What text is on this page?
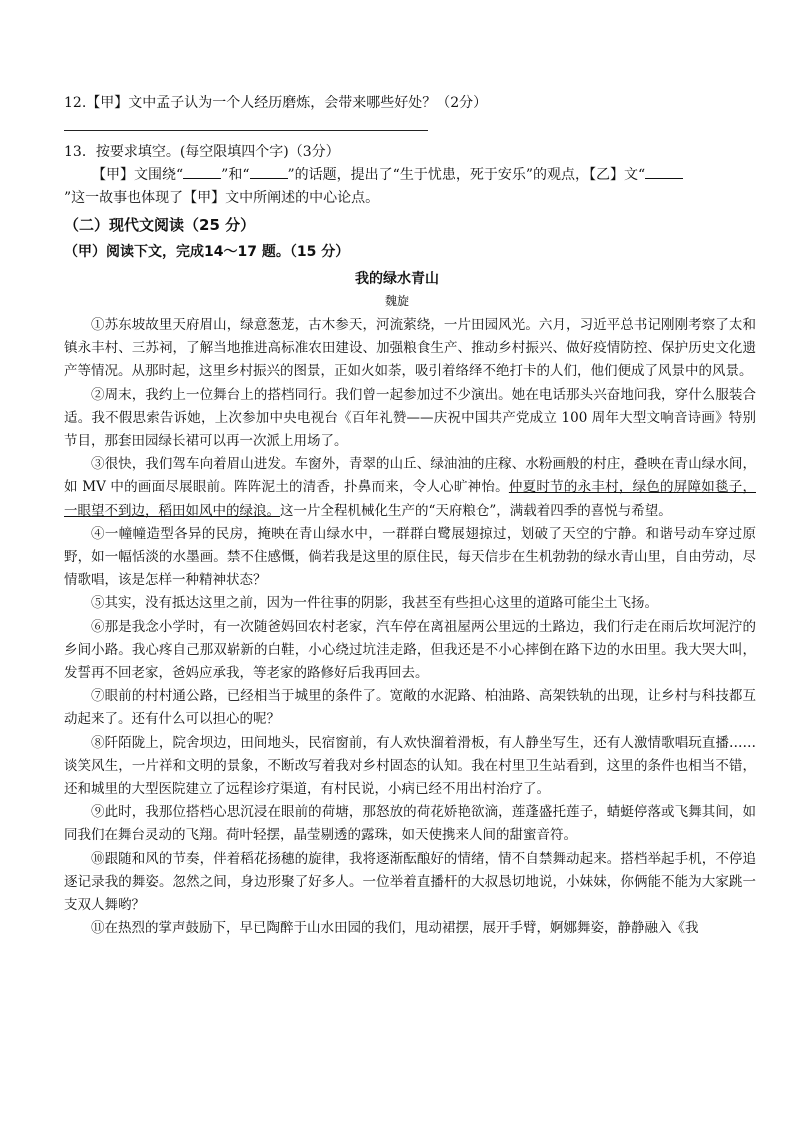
12.【甲】文中孟子认为一个人经历磨炼，会带来哪些好处？（2分）
13．按要求填空。(每空限填四个字)（3分）
【甲】文围绕“	”和“	”的话题，提出了“生于忧患，死于安乐”的观点，【乙】文“”这一故事也体现了【甲】文中所阐述的中心论点。
（二）现代文阅读（25 分）
（甲）阅读下文，完成14～17 题。（15 分）
我的绿水青山
魏旋

①苏东坡故里天府眉山，绿意葱茏，古木参天，河流萦绕，一片田园风光。六月，习近平总书记刚刚考察了太和镇永丰村、三苏祠，了解当地推进高标准农田建设、加强粮食生产、推动乡村振兴、做好疫情防控、保护历史文化遗产等情况。从那时起，这里乡村振兴的图景，正如火如荼，吸引着络绎不绝打卡的人们，他们便成了风景中的风景。

②周末，我约上一位舞台上的搭档同行。我们曾一起参加过不少演出。她在电话那头兴奋地问我，穿什么服装合适。我不假思索告诉她，上次参加中央电视台《百年礼赞——庆祝中国共产党成立 100 周年大型文响音诗画》特别节目，那套田园绿长裙可以再一次派上用场了。

③很快，我们驾车向着眉山进发。车窗外，青翠的山丘、绿油油的庄稼、水粉画般的村庄，叠映在青山绿水间，如 MV 中的画面尽展眼前。阵阵泥土的清香，扑鼻而来，令人心旷神怡。仲夏时节的永丰村，绿色的屏障如毯子，一眼望不到边，稻田如风中的绿浪。这一片全程机械化生产的“天府粮仓”，满载着四季的喜悦与希望。

④一幢幢造型各异的民房，掩映在青山绿水中，一群群白鹭展翅掠过，划破了天空的宁静。和谐号动车穿过原野，如一幅恬淡的水墨画。禁不住感慨，倘若我是这里的原住民，每天信步在生机勃勃的绿水青山里，自由劳动，尽情歌唱，该是怎样一种精神状态？

⑤其实，没有抵达这里之前，因为一件往事的阴影，我甚至有些担心这里的道路可能尘土飞扬。

⑥那是我念小学时，有一次随爸妈回农村老家，汽车停在离祖屋两公里远的土路边，我们行走在雨后坎坷泥泞的乡间小路。我心疼自己那双崭新的白鞋，小心绕过坑洼走路，但我还是不小心摔倒在路下边的水田里。我大哭大叫，发誓再不回老家，爸妈应承我，等老家的路修好后我再回去。

⑦眼前的村村通公路，已经相当于城里的条件了。宽敞的水泥路、柏油路、高架铁轨的出现，让乡村与科技都互动起来了。还有什么可以担心的呢？

⑧阡陌陇上，院舍坝边，田间地头，民宿窗前，有人欢快溜着滑板，有人静坐写生，还有人激情歌唱玩直播……谈笑风生，一片祥和文明的景象，不断改写着我对乡村固态的认知。我在村里卫生站看到，这里的条件也相当不错，还和城里的大型医院建立了远程诊疗渠道，有村民说，小病已经不用出村治疗了。

⑨此时，我那位搭档心思沉浸在眼前的荷塘，那怒放的荷花娇艳欲滴，莲蓬盛托莲子，蜻蜓停落或飞舞其间，如同我们在舞台灵动的飞翔。荷叶轻摆，晶莹剔透的露珠，如天使携来人间的甜蜜音符。

⑩跟随和风的节奏，伴着稻花扬穗的旋律，我将逐渐酝酿好的情绪，情不自禁舞动起来。搭档举起手机，不停追逐记录我的舞姿。忽然之间，身边形聚了好多人。一位举着直播杆的大叔恳切地说，小妹妹，你俩能不能为大家跳一支双人舞哟？

⑪在热烈的掌声鼓励下，早已陶醉于山水田园的我们，甩动裙摆，展开手臂，婀娜舞姿，静静融入《我
